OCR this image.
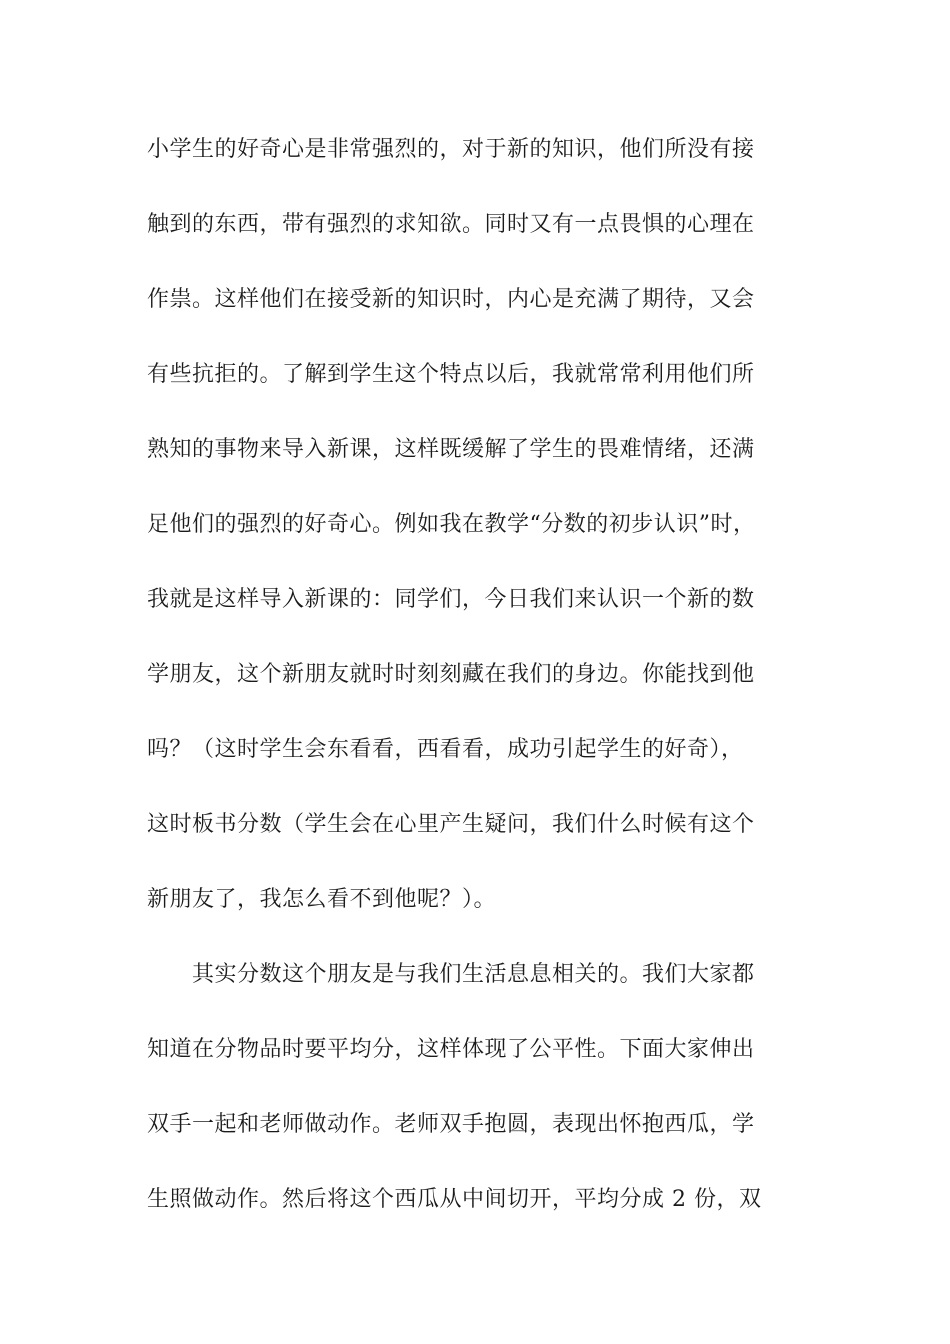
小学生的好奇心是非常强烈的，对于新的知识，他们所没有接
触到的东西，带有强烈的求知欲。同时又有一点畏惧的心理在
作祟。这样他们在接受新的知识时，内心是充满了期待，又会
有些抗拒的。了解到学生这个特点以后，我就常常利用他们所
熟知的事物来导入新课，这样既缓解了学生的畏难情绪，还满
足他们的强烈的好奇心。例如我在教学“分数的初步认识”时，
我就是这样导入新课的：同学们，今日我们来认识一个新的数
学朋友，这个新朋友就时时刻刻藏在我们的身边。你能找到他
吗？（这时学生会东看看，西看看，成功引起学生的好奇），
这时板书分数（学生会在心里产生疑问，我们什么时候有这个
新朋友了，我怎么看不到他呢？）。
其实分数这个朋友是与我们生活息息相关的。我们大家都
知道在分物品时要平均分，这样体现了公平性。下面大家伸出
双手一起和老师做动作。老师双手抱圆，表现出怀抱西瓜，学
生照做动作。然后将这个西瓜从中间切开，平均分成 2 份，双
